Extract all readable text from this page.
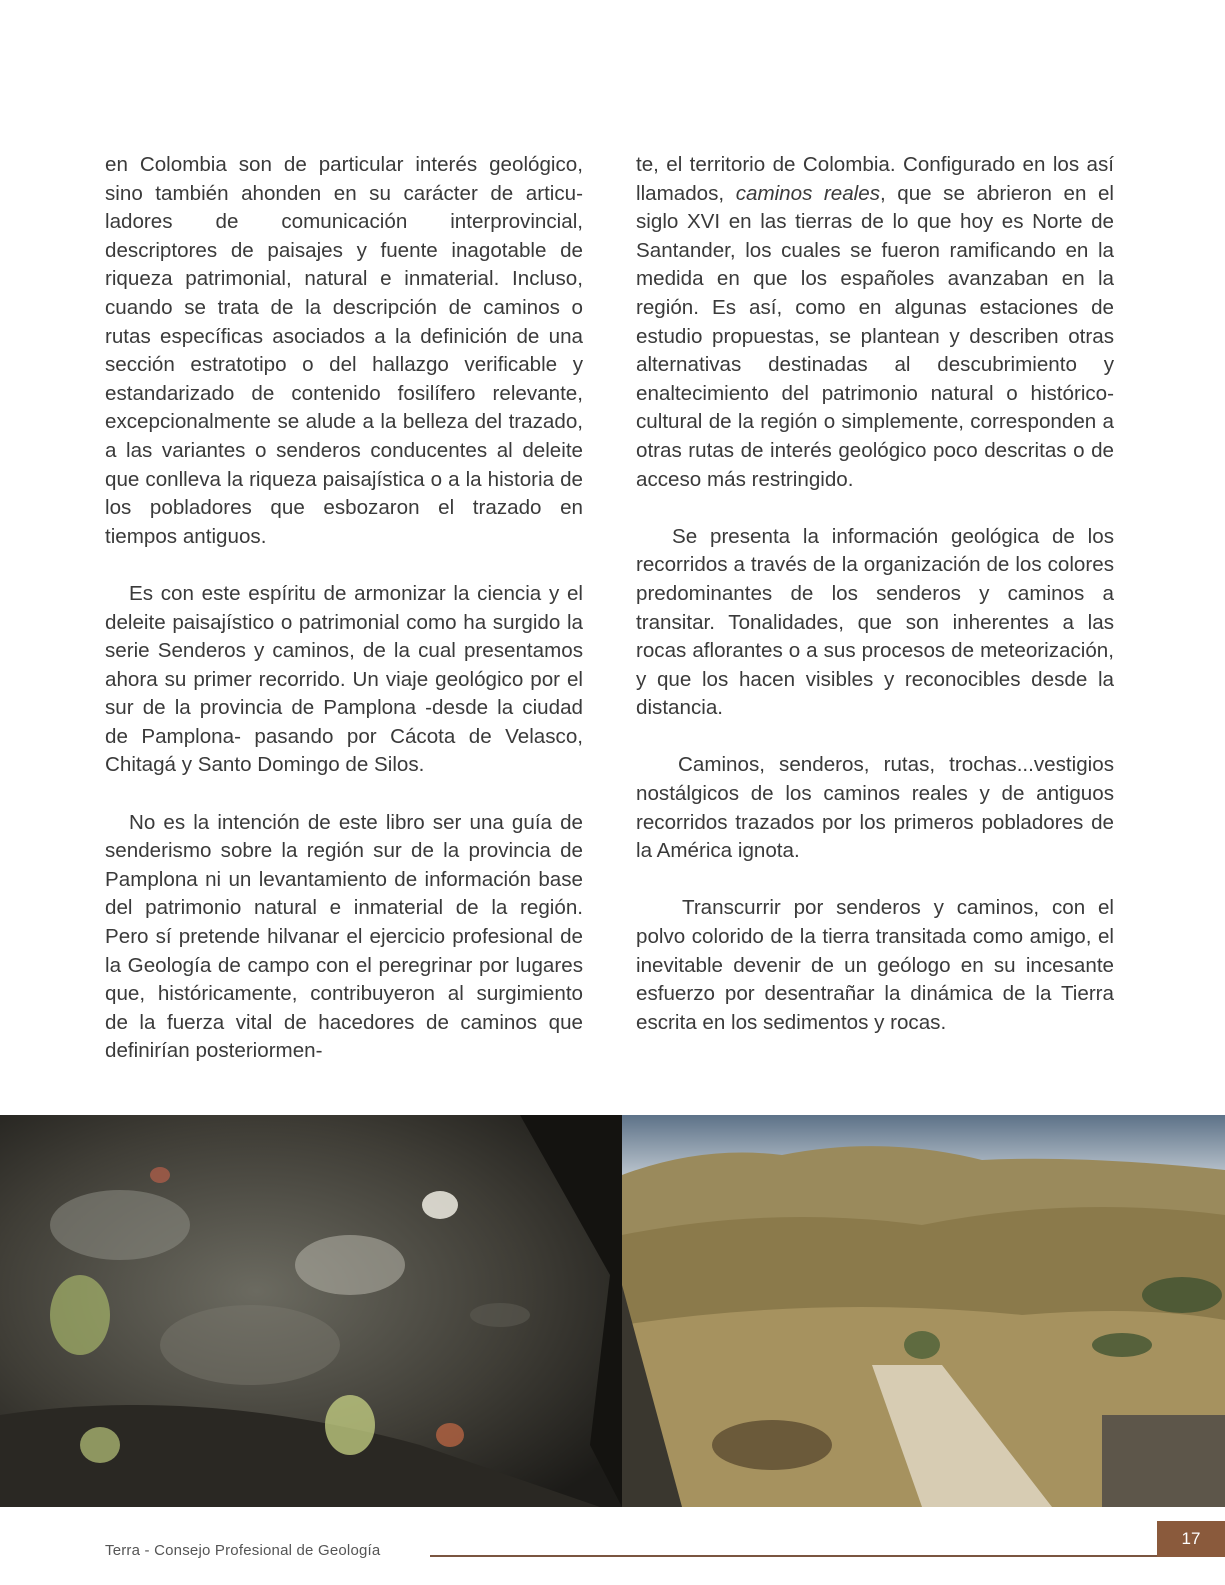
en Colombia son de particular interés geológico, sino también ahonden en su carácter de articuladores de comunicación interprovincial, descriptores de paisajes y fuente inagotable de riqueza patrimonial, natural e inmaterial. Incluso, cuando se trata de la descripción de caminos o rutas específicas asociados a la definición de una sección estratotipo o del hallazgo verificable y estandarizado de contenido fosilífero relevante, excepcionalmente se alude a la belleza del trazado, a las variantes o senderos conducentes al deleite que conlleva la riqueza paisajística o a la historia de los pobladores que esbozaron el trazado en tiempos antiguos.

Es con este espíritu de armonizar la ciencia y el deleite paisajístico o patrimonial como ha surgido la serie Senderos y caminos, de la cual presentamos ahora su primer recorrido. Un viaje geológico por el sur de la provincia de Pamplona -desde la ciudad de Pamplona- pasando por Cácota de Velasco, Chitagá y Santo Domingo de Silos.

No es la intención de este libro ser una guía de senderismo sobre la región sur de la provincia de Pamplona ni un levantamiento de información base del patrimonio natural e inmaterial de la región. Pero sí pretende hilvanar el ejercicio profesional de la Geología de campo con el peregrinar por lugares que, históricamente, contribuyeron al surgimiento de la fuerza vital de hacedores de caminos que definirían posteriormen-

te, el territorio de Colombia. Configurado en los así llamados, caminos reales, que se abrieron en el siglo XVI en las tierras de lo que hoy es Norte de Santander, los cuales se fueron ramificando en la medida en que los españoles avanzaban en la región. Es así, como en algunas estaciones de estudio propuestas, se plantean y describen otras alternativas destinadas al descubrimiento y enaltecimiento del patrimonio natural o histórico-cultural de la región o simplemente, corresponden a otras rutas de interés geológico poco descritas o de acceso más restringido.

Se presenta la información geológica de los recorridos a través de la organización de los colores predominantes de los senderos y caminos a transitar. Tonalidades, que son inherentes a las rocas aflorantes o a sus procesos de meteorización, y que los hacen visibles y reconocibles desde la distancia.

Caminos, senderos, rutas, trochas...vestigios nostálgicos de los caminos reales y de antiguos recorridos trazados por los primeros pobladores de la América ignota.

Transcurrir por senderos y caminos, con el polvo colorido de la tierra transitada como amigo, el inevitable devenir de un geólogo en su incesante esfuerzo por desentrañar la dinámica de la Tierra escrita en los sedimentos y rocas.

Terra - Consejo Profesional de Geología
17
